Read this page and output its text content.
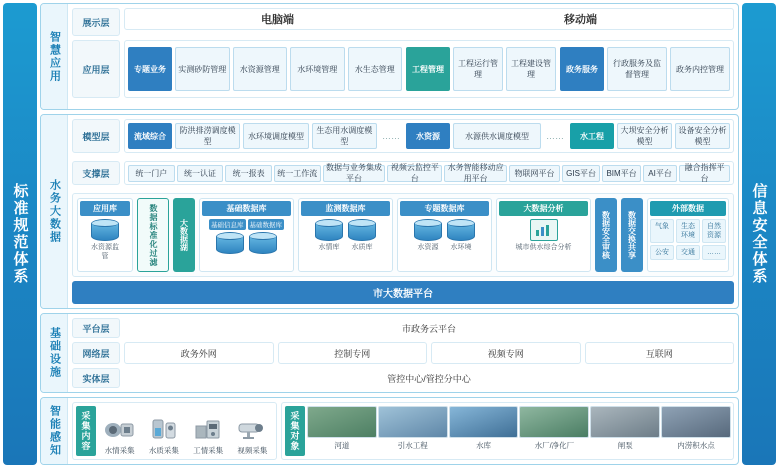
标准规范体系
智慧应用
展示层	电脑端	移动端
应用层	专题业务	实测砂防管理	水资源管理	水环境管理	水生态管理	工程管理
工程运行管理
工程建设管理
政务服务
行政服务及监督管理
政务内控管理
水务大数据
模型层	流域综合
防洪排涝调度模型
水环境调度模型
生态用水调度模型
……	水资源	水源供水调度模型	……	水工程
大坝安全分析模型
设备安全分析模型
支撑层	统一门户	统一认证	统一报表	统一工作流
数据与业务集成平台
视频云监控平台
水务智能移动应用平台
物联网平台	GIS平台	BIM平台	AI平台
融合指挥平台
应用库
水资源监管	数据标准化过滤	大数据湖
基础数据库
基础信息库 基础数据库
监测数据库
水情库 水质库
专题数据库
水资源 水环境
大数据分析
城市供水综合分析	数据安全审核	数据交换共享
外部数据
气象	生态环境
自然资源
公安	交通	……
市大数据平台
基础设施	平台层	市政务云平台
网络层	政务外网	控制专网	视频专网	互联网
实体层	管控中心/管控分中心
智能感知	采集内容	水情采集 水质采集 工情采集 视频采集	采集对象	河道	引水工程	水库	水厂/净化厂	闸泵	内涝积水点
信息安全体系
